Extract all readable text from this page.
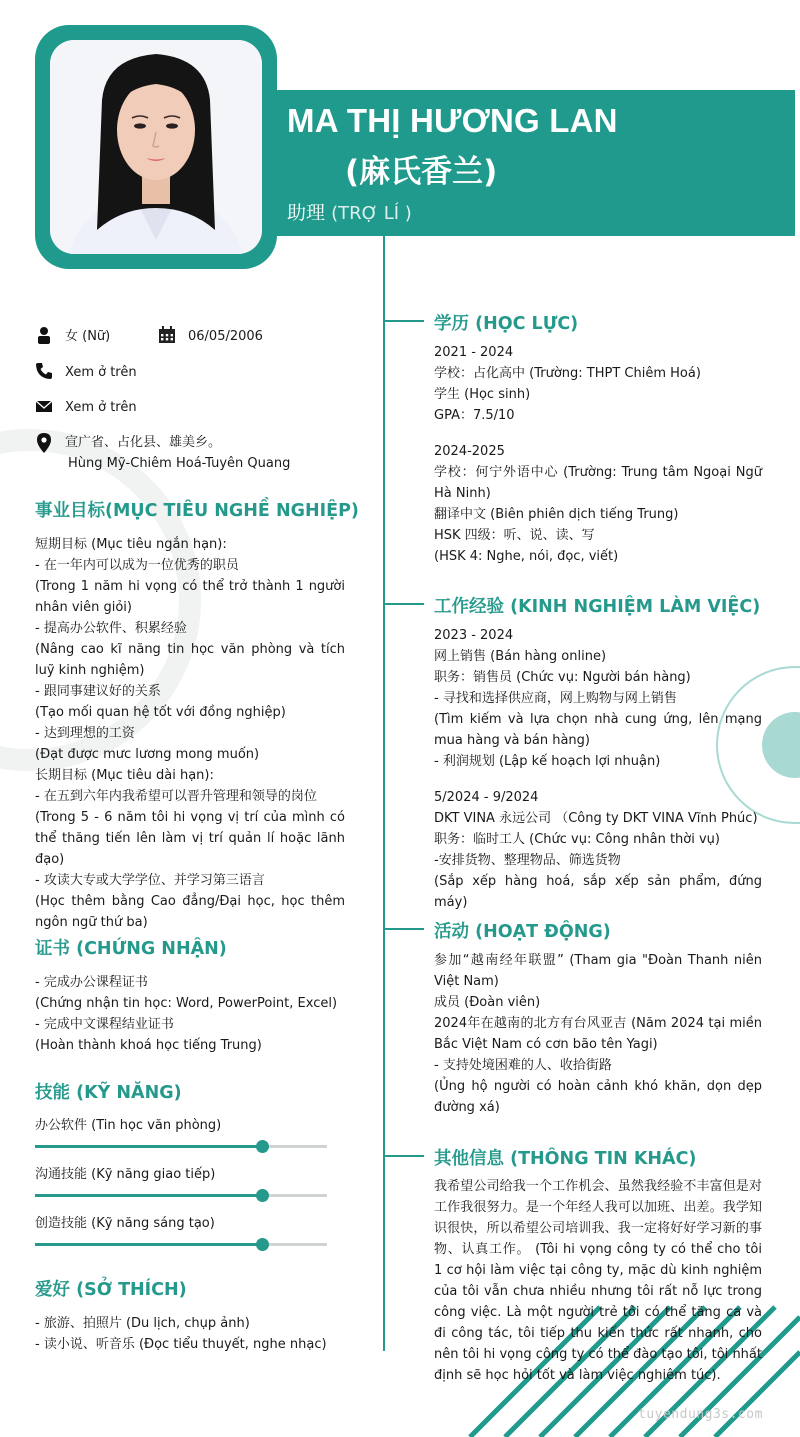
MA THỊ HƯƠNG LAN
(麻氏香兰)
助理 (TRỢ LÍ )
女 (Nữ)	06/05/2006
Xem ở trên
Xem ở trên
宣广省、占化县、雄美乡。
Hùng Mỹ-Chiêm Hoá-Tuyên Quang
事业目标(MỤC TIÊU NGHỀ NGHIỆP)
短期目标 (Mục tiêu ngắn hạn):
- 在一年内可以成为一位优秀的职员
(Trong 1 năm hi vọng có thể trở thành 1 người nhân viên giỏi)
- 提高办公软件、积累经验
(Nâng cao kĩ năng tin học văn phòng và tích luỹ kinh nghiệm)
- 跟同事建议好的关系
(Tạo mối quan hệ tốt với đồng nghiệp)
- 达到理想的工资
(Đạt được mưc lương mong muốn)
长期目标 (Mục tiêu dài hạn):
- 在五到六年内我希望可以晋升管理和领导的岗位
(Trong 5 - 6 năm tôi hi vọng vị trí của mình có thể thăng tiến lên làm vị trí quản lí hoặc lãnh đạo)
- 攻读大专或大学学位、并学习第三语言
(Học thêm bằng Cao đẳng/Đại học, học thêm ngôn ngữ thứ ba)
证书 (CHỨNG NHẬN)
- 完成办公课程证书
(Chứng nhận tin học: Word, PowerPoint, Excel)
- 完成中文课程结业证书
(Hoàn thành khoá học tiếng Trung)
技能 (KỸ NĂNG)
办公软件 (Tin học văn phòng)
沟通技能 (Kỹ năng giao tiếp)
创造技能 (Kỹ năng sáng tạo)
爱好 (SỞ THÍCH)
- 旅游、拍照片 (Du lịch, chụp ảnh)
- 读小说、听音乐 (Đọc tiểu thuyết, nghe nhạc)
学历 (HỌC LỰC)
2021 - 2024
学校：占化高中 (Trường: THPT Chiêm Hoá)
学生 (Học sinh)
GPA：7.5/10
2024-2025
学校：何宁外语中心 (Trường: Trung tâm Ngoại Ngữ Hà Ninh)
翻译中文 (Biên phiên dịch tiếng Trung)
HSK 四级：听、说、读、写
(HSK 4: Nghe, nói, đọc, viết)
工作经验 (KINH NGHIỆM LÀM VIỆC)
2023 - 2024
网上销售 (Bán hàng online)
职务：销售员 (Chức vụ: Người bán hàng)
- 寻找和选择供应商，网上购物与网上销售
(Tìm kiếm và lựa chọn nhà cung ứng, lên mạng mua hàng và bán hàng)
- 利润规划 (Lập kế hoạch lợi nhuận)
5/2024 - 9/2024
DKT VINA 永远公司 （Công ty DKT VINA Vĩnh Phúc)
职务：临时工人 (Chức vụ: Công nhân thời vụ)
-安排货物、整理物品、筛选货物
(Sắp xếp hàng hoá, sắp xếp sản phẩm, đứng máy)
活动 (HOẠT ĐỘNG)
参加“越南经年联盟” (Tham gia "Đoàn Thanh niên Việt Nam)
成员 (Đoàn viên)
2024年在越南的北方有台风亚吉 (Năm 2024 tại miền Bắc Việt Nam có cơn bão tên Yagi)
- 支持处境困难的人、收拾街路
(Ủng hộ người có hoàn cảnh khó khăn, dọn dẹp đường xá)
其他信息 (THÔNG TIN KHÁC)
我希望公司给我一个工作机会、虽然我经验不丰富但是对工作我很努力。是一个年经人我可以加班、出差。我学知识很快，所以希望公司培训我、我一定将好好学习新的事物、认真工作。 (Tôi hi vọng công ty có thể cho tôi 1 cơ hội làm việc tại công ty, mặc dù kinh nghiệm của tôi vẫn chưa nhiều nhưng tôi rất nỗ lực trong công việc. Là một người trẻ tôi có thể tăng ca và đi công tác, tôi tiếp thu kiến thức rất nhanh, cho nên tôi hi vọng công ty có thể đào tạo tôi, tôi nhất định sẽ học hỏi tốt và làm việc nghiêm túc).
tuyendung3s.com
